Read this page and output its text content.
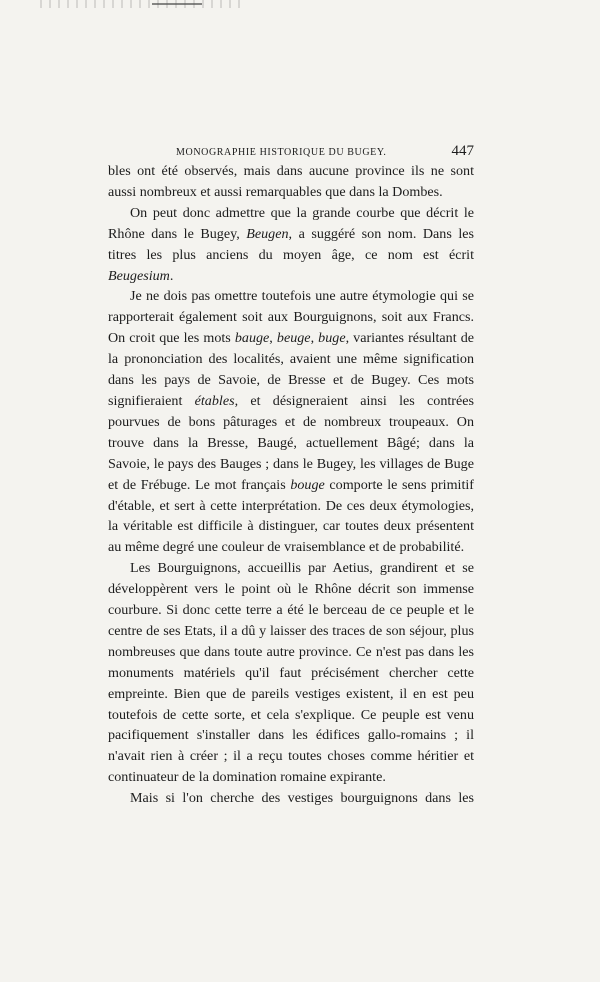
MONOGRAPHIE HISTORIQUE DU BUGEY.	447

bles ont été observés, mais dans aucune province ils ne sont aussi nombreux et aussi remarquables que dans la Dombes.

On peut donc admettre que la grande courbe que décrit le Rhône dans le Bugey, Beugen, a suggéré son nom. Dans les titres les plus anciens du moyen âge, ce nom est écrit Beugesium.

Je ne dois pas omettre toutefois une autre étymologie qui se rapporterait également soit aux Bourguignons, soit aux Francs. On croit que les mots bauge, beuge, buge, variantes résultant de la prononciation des localités, avaient une même signification dans les pays de Savoie, de Bresse et de Bugey. Ces mots signifieraient étables, et désigneraient ainsi les contrées pourvues de bons pâturages et de nombreux troupeaux. On trouve dans la Bresse, Baugé, actuellement Bâgé; dans la Savoie, le pays des Bauges ; dans le Bugey, les villages de Buge et de Frébuge. Le mot français bouge comporte le sens primitif d'étable, et sert à cette interprétation. De ces deux étymologies, la véritable est difficile à distinguer, car toutes deux présentent au même degré une couleur de vraisemblance et de probabilité.

Les Bourguignons, accueillis par Aetius, grandirent et se développèrent vers le point où le Rhône décrit son immense courbure. Si donc cette terre a été le berceau de ce peuple et le centre de ses Etats, il a dû y laisser des traces de son séjour, plus nombreuses que dans toute autre province. Ce n'est pas dans les monuments matériels qu'il faut précisément chercher cette empreinte. Bien que de pareils vestiges existent, il en est peu toutefois de cette sorte, et cela s'explique. Ce peuple est venu pacifiquement s'installer dans les édifices gallo-romains ; il n'avait rien à créer ; il a reçu toutes choses comme héritier et continuateur de la domination romaine expirante.

Mais si l'on cherche des vestiges bourguignons dans les
